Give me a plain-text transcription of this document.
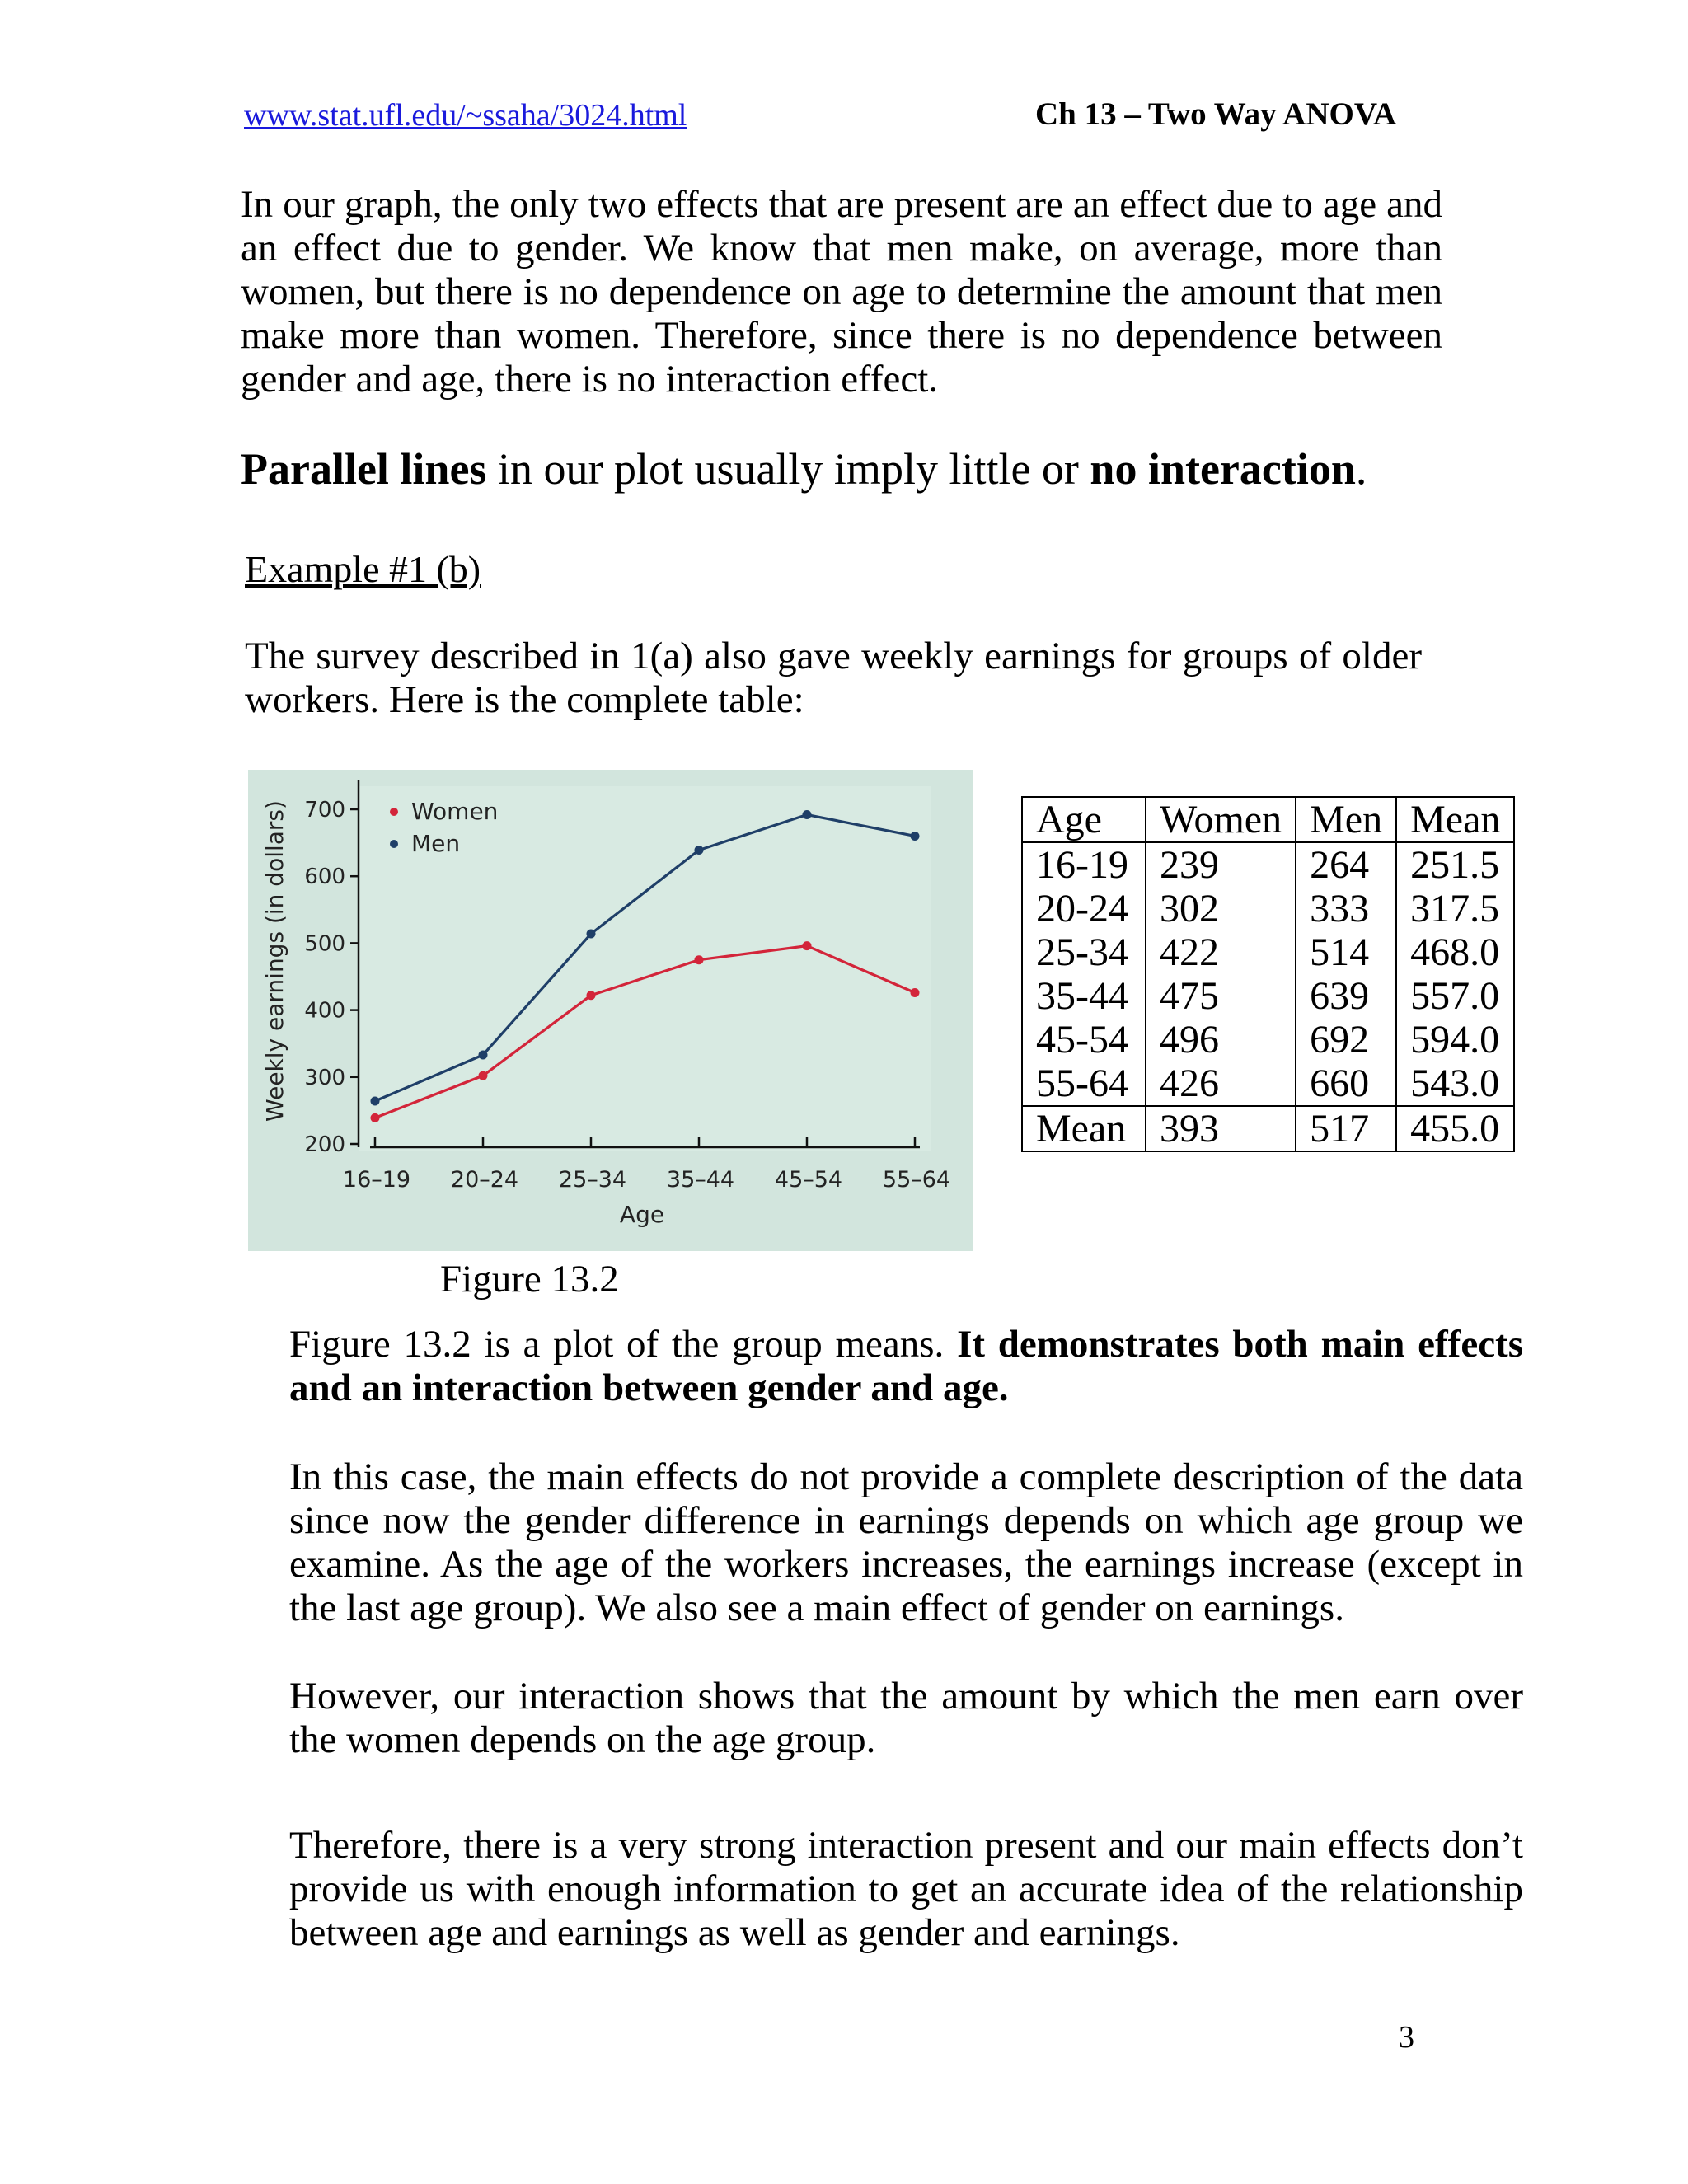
www.stat.ufl.edu/~ssaha/3024.html	Ch 13 – Two Way ANOVA
In our graph, the only two effects that are present are an effect due to age and an effect due to gender. We know that men make, on average, more than women, but there is no dependence on age to determine the amount that men make more than women. Therefore, since there is no dependence between gender and age, there is no interaction effect.
Parallel lines in our plot usually imply little or no interaction.
Example #1 (b)
The survey described in 1(a) also gave weekly earnings for groups of older workers. Here is the complete table:
200
300
400
500
600
700
16–19 20–24 25–34 35–44 45–54 55–64
Age
Weekly earnings (in dollars)	Women
Men
Age	Women	Men	Mean
16-19	239	264	251.5
20-24	302	333	317.5
25-34	422	514	468.0
35-44	475	639	557.0
45-54	496	692	594.0
55-64	426	660	543.0
Mean	393	517	455.0
Figure 13.2
Figure 13.2 is a plot of the group means. It demonstrates both main effects and an interaction between gender and age.
In this case, the main effects do not provide a complete description of the data since now the gender difference in earnings depends on which age group we examine. As the age of the workers increases, the earnings increase (except in the last age group). We also see a main effect of gender on earnings.
However, our interaction shows that the amount by which the men earn over the women depends on the age group.
Therefore, there is a very strong interaction present and our main effects don’t provide us with enough information to get an accurate idea of the relationship between age and earnings as well as gender and earnings.
3
